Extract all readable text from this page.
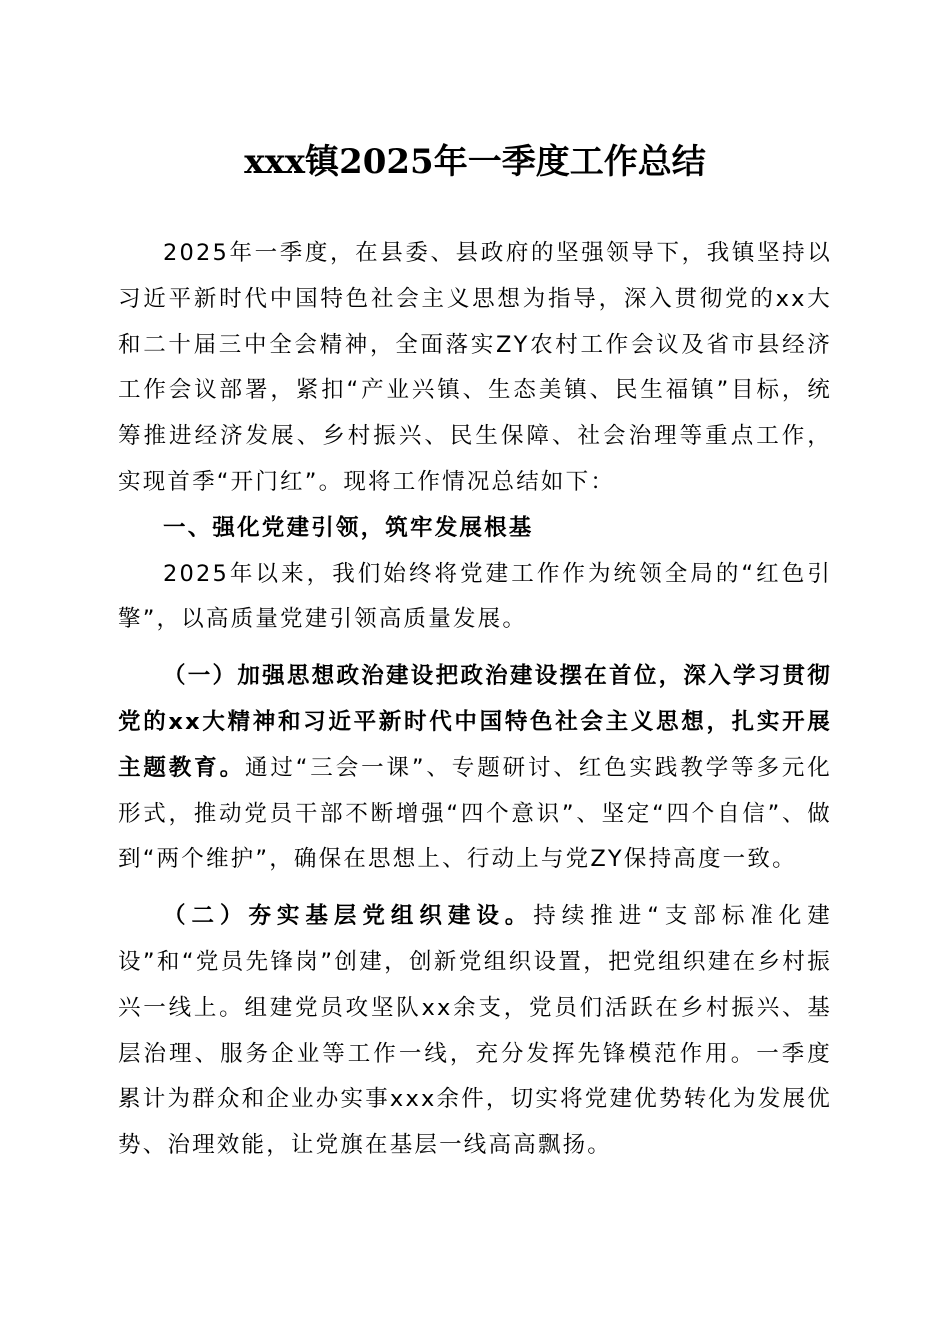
xxx镇2025年一季度工作总结

2025年一季度，在县委、县政府的坚强领导下，我镇坚持以习近平新时代中国特色社会主义思想为指导，深入贯彻党的xx大和二十届三中全会精神，全面落实ZY农村工作会议及省市县经济工作会议部署，紧扣“产业兴镇、生态美镇、民生福镇”目标，统筹推进经济发展、乡村振兴、民生保障、社会治理等重点工作，实现首季“开门红”。现将工作情况总结如下：

一、强化党建引领，筑牢发展根基

2025年以来，我们始终将党建工作作为统领全局的“红色引擎”，以高质量党建引领高质量发展。

（一）加强思想政治建设把政治建设摆在首位，深入学习贯彻党的xx大精神和习近平新时代中国特色社会主义思想，扎实开展主题教育。通过“三会一课”、专题研讨、红色实践教学等多元化形式，推动党员干部不断增强“四个意识”、坚定“四个自信”、做到“两个维护”，确保在思想上、行动上与党ZY保持高度一致。

（二）夯实基层党组织建设。持续推进“支部标准化建设”和“党员先锋岗”创建，创新党组织设置，把党组织建在乡村振兴一线上。组建党员攻坚队xx余支，党员们活跃在乡村振兴、基层治理、服务企业等工作一线，充分发挥先锋模范作用。一季度累计为群众和企业办实事xxx余件，切实将党建优势转化为发展优势、治理效能，让党旗在基层一线高高飘扬。
